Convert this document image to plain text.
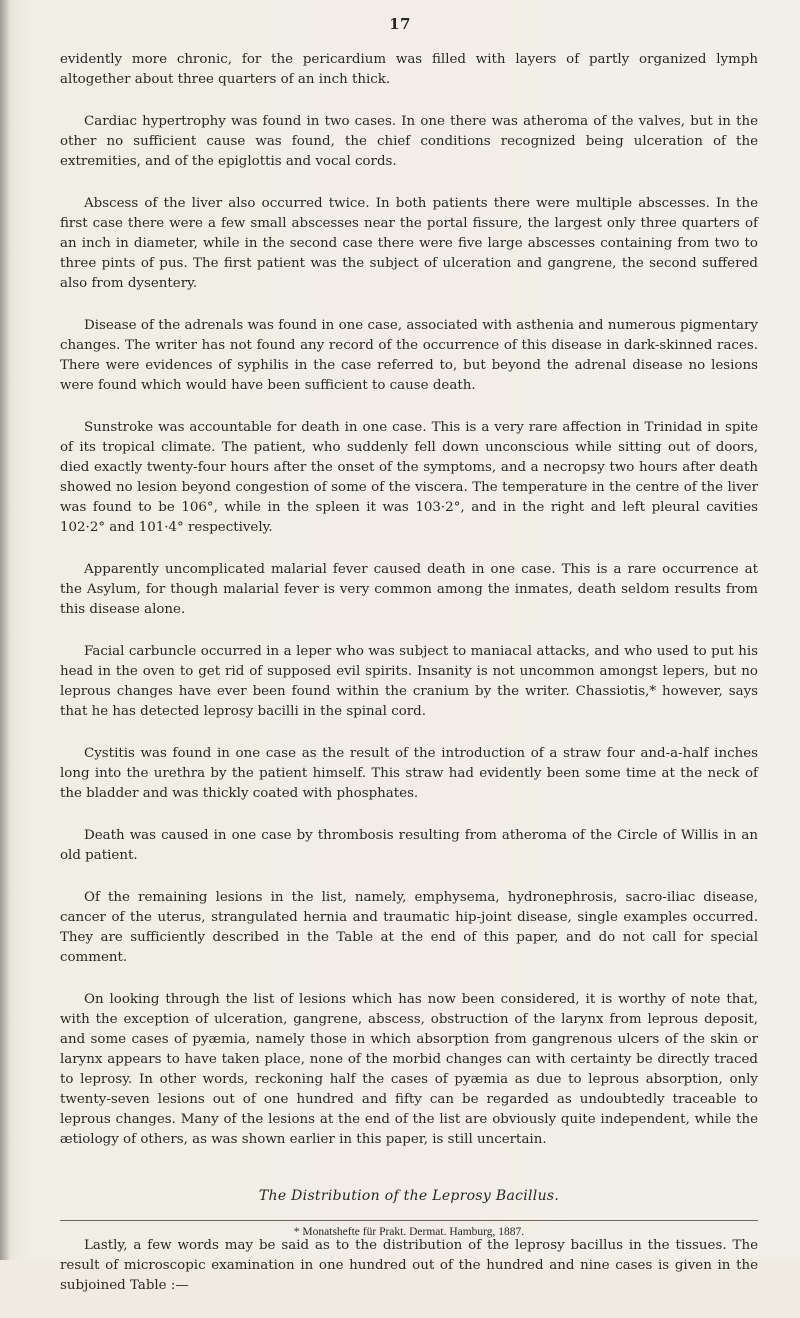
17

evidently more chronic, for the pericardium was filled with layers of partly organized lymph altogether about three quarters of an inch thick.

Cardiac hypertrophy was found in two cases. In one there was atheroma of the valves, but in the other no sufficient cause was found, the chief conditions recognized being ulceration of the extremities, and of the epiglottis and vocal cords.

Abscess of the liver also occurred twice. In both patients there were multiple abscesses. In the first case there were a few small abscesses near the portal fissure, the largest only three quarters of an inch in diameter, while in the second case there were five large abscesses containing from two to three pints of pus. The first patient was the subject of ulceration and gangrene, the second suffered also from dysentery.

Disease of the adrenals was found in one case, associated with asthenia and numerous pigmentary changes. The writer has not found any record of the occurrence of this disease in dark-skinned races. There were evidences of syphilis in the case referred to, but beyond the adrenal disease no lesions were found which would have been sufficient to cause death.

Sunstroke was accountable for death in one case. This is a very rare affection in Trinidad in spite of its tropical climate. The patient, who suddenly fell down unconscious while sitting out of doors, died exactly twenty-four hours after the onset of the symptoms, and a necropsy two hours after death showed no lesion beyond congestion of some of the viscera. The temperature in the centre of the liver was found to be 106°, while in the spleen it was 103·2°, and in the right and left pleural cavities 102·2° and 101·4° respectively.

Apparently uncomplicated malarial fever caused death in one case. This is a rare occurrence at the Asylum, for though malarial fever is very common among the inmates, death seldom results from this disease alone.

Facial carbuncle occurred in a leper who was subject to maniacal attacks, and who used to put his head in the oven to get rid of supposed evil spirits. Insanity is not uncommon amongst lepers, but no leprous changes have ever been found within the cranium by the writer. Chassiotis,* however, says that he has detected leprosy bacilli in the spinal cord.

Cystitis was found in one case as the result of the introduction of a straw four and-a-half inches long into the urethra by the patient himself. This straw had evidently been some time at the neck of the bladder and was thickly coated with phosphates.

Death was caused in one case by thrombosis resulting from atheroma of the Circle of Willis in an old patient.

Of the remaining lesions in the list, namely, emphysema, hydronephrosis, sacro-iliac disease, cancer of the uterus, strangulated hernia and traumatic hip-joint disease, single examples occurred. They are sufficiently described in the Table at the end of this paper, and do not call for special comment.

On looking through the list of lesions which has now been considered, it is worthy of note that, with the exception of ulceration, gangrene, abscess, obstruction of the larynx from leprous deposit, and some cases of pyæmia, namely those in which absorption from gangrenous ulcers of the skin or larynx appears to have taken place, none of the morbid changes can with certainty be directly traced to leprosy. In other words, reckoning half the cases of pyæmia as due to leprous absorption, only twenty-seven lesions out of one hundred and fifty can be regarded as undoubtedly traceable to leprous changes. Many of the lesions at the end of the list are obviously quite independent, while the ætiology of others, as was shown earlier in this paper, is still uncertain.

The Distribution of the Leprosy Bacillus.

Lastly, a few words may be said as to the distribution of the leprosy bacillus in the tissues. The result of microscopic examination in one hundred out of the hundred and nine cases is given in the subjoined Table :—

* Monatshefte für Prakt. Dermat. Hamburg, 1887.
